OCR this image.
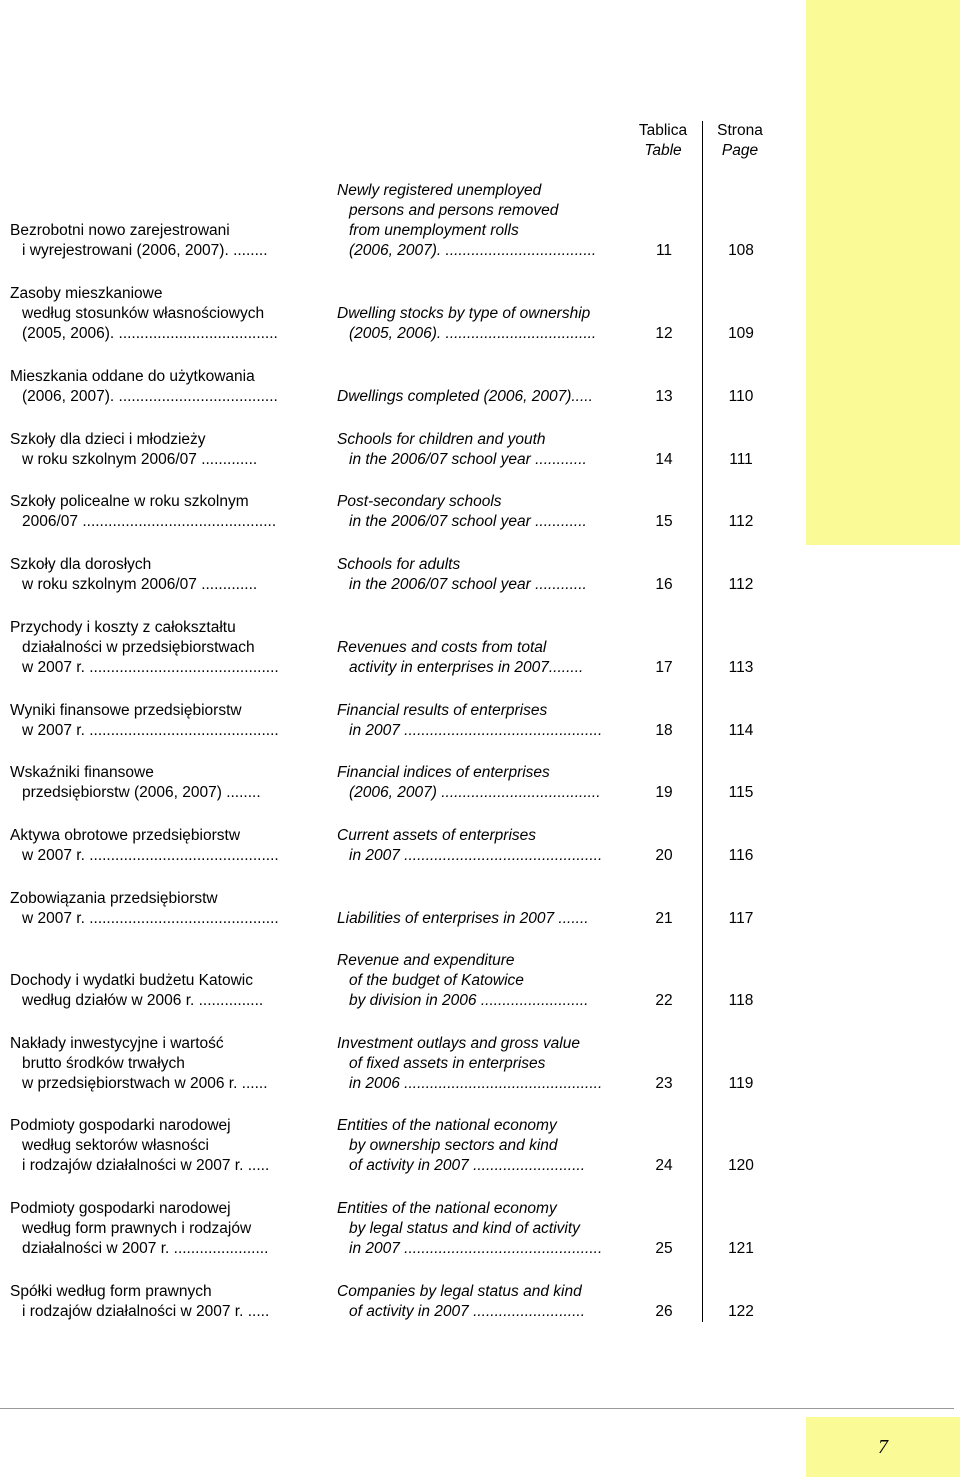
7
Tablica
Table
Strona
Page
Bezrobotni nowo zarejestrowani
i wyrejestrowani (2006, 2007). ........
Newly registered unemployed
persons and persons removed
from unemployment rolls
(2006, 2007). ...................................	11	108
Zasoby mieszkaniowe
według stosunków własnościowych
(2005, 2006). .....................................
Dwelling stocks by type of ownership
(2005, 2006). ...................................	12	109
Mieszkania oddane do użytkowania
(2006, 2007). .....................................	Dwellings completed (2006, 2007).....	13	110
Szkoły dla dzieci i młodzieży
w roku szkolnym 2006/07 .............
Schools for children and youth
in the 2006/07 school year ............	14	111
Szkoły policealne w roku szkolnym
2006/07 .............................................
Post-secondary schools
in the 2006/07 school year ............	15	112
Szkoły dla dorosłych
w roku szkolnym 2006/07 .............
Schools for adults
in the 2006/07 school year ............	16	112
Przychody i koszty z całokształtu
działalności w przedsiębiorstwach
w 2007 r. ............................................
Revenues and costs from total
activity in enterprises in 2007........	17	113
Wyniki finansowe przedsiębiorstw
w 2007 r. ............................................
Financial results of enterprises
in 2007 ..............................................	18	114
Wskaźniki finansowe
przedsiębiorstw (2006, 2007) ........
Financial indices of enterprises
(2006, 2007) .....................................	19	115
Aktywa obrotowe przedsiębiorstw
w 2007 r. ............................................
Current assets of enterprises
in 2007 ..............................................	20	116
Zobowiązania przedsiębiorstw
w 2007 r. ............................................	Liabilities of enterprises in 2007 .......	21	117
Dochody i wydatki budżetu Katowic
według działów w 2006 r. ...............
Revenue and expenditure
of the budget of Katowice
by division in 2006 .........................	22	118
Nakłady inwestycyjne i wartość
brutto środków trwałych
w przedsiębiorstwach w 2006 r. ......
Investment outlays and gross value
of fixed assets in enterprises
in 2006 ..............................................	23	119
Podmioty gospodarki narodowej
według sektorów własności
i rodzajów działalności w 2007 r. .....
Entities of the national economy
by ownership sectors and kind
of activity in 2007 ..........................	24	120
Podmioty gospodarki narodowej
według form prawnych i rodzajów
działalności w 2007 r. ......................
Entities of the national economy
by legal status and kind of activity
in 2007 ..............................................	25	121
Spółki według form prawnych
i rodzajów działalności w 2007 r. .....
Companies by legal status and kind
of activity in 2007 ..........................	26	122
